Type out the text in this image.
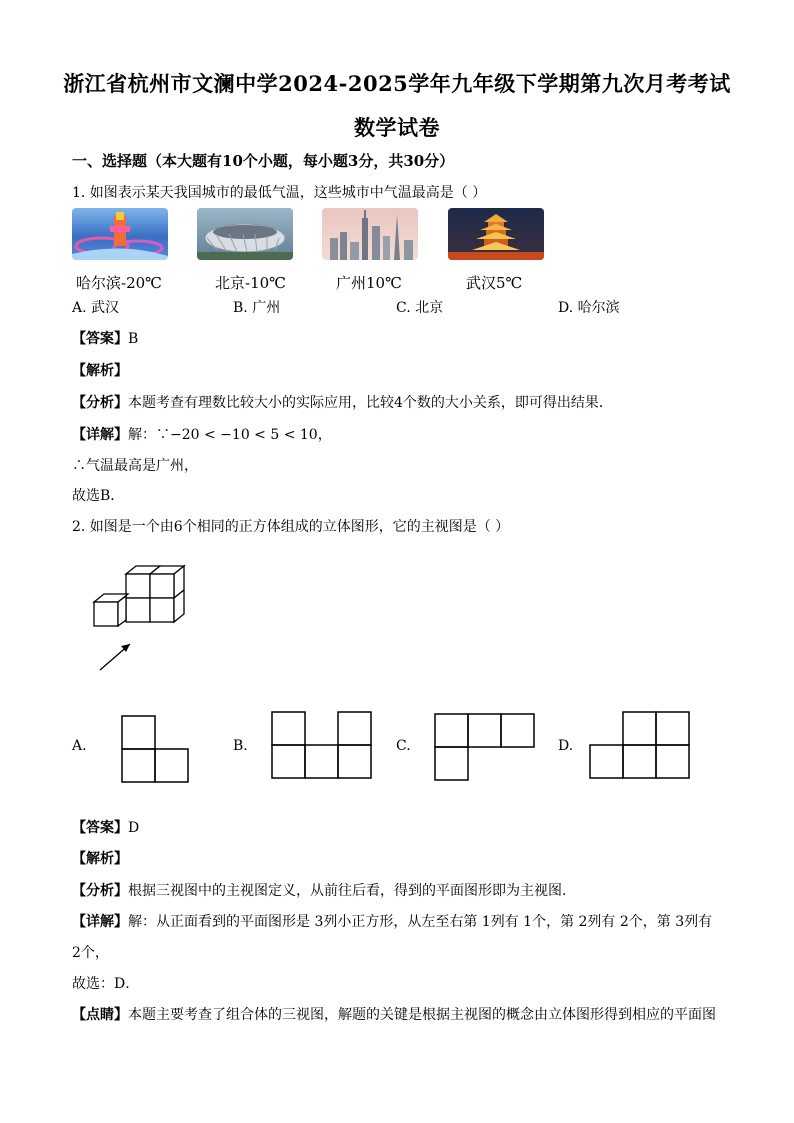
浙江省杭州市文澜中学2024-2025学年九年级下学期第九次月考考试
数学试卷
一、选择题（本大题有10个小题，每小题3分，共30分）
1. 如图表示某天我国城市的最低气温，这些城市中气温最高是（ ）
哈尔滨-20℃	北京-10℃	广州10℃	武汉5℃
A. 武汉	B. 广州	C. 北京	D. 哈尔滨
【答案】B
【解析】
【分析】本题考查有理数比较大小的实际应用，比较4个数的大小关系，即可得出结果．
【详解】解：∵−20 < −10 < 5 < 10，
∴气温最高是广州，
故选B．
2. 如图是一个由6个相同的正方体组成的立体图形，它的主视图是（ ）
A.	B.	C.	D.
【答案】D
【解析】
【分析】根据三视图中的主视图定义，从前往后看，得到的平面图形即为主视图．
【详解】解：从正面看到的平面图形是 3列小正方形，从左至右第 1列有 1个，第 2列有 2个，第 3列有
2个，
故选：D．
【点睛】本题主要考查了组合体的三视图，解题的关键是根据主视图的概念由立体图形得到相应的平面图
